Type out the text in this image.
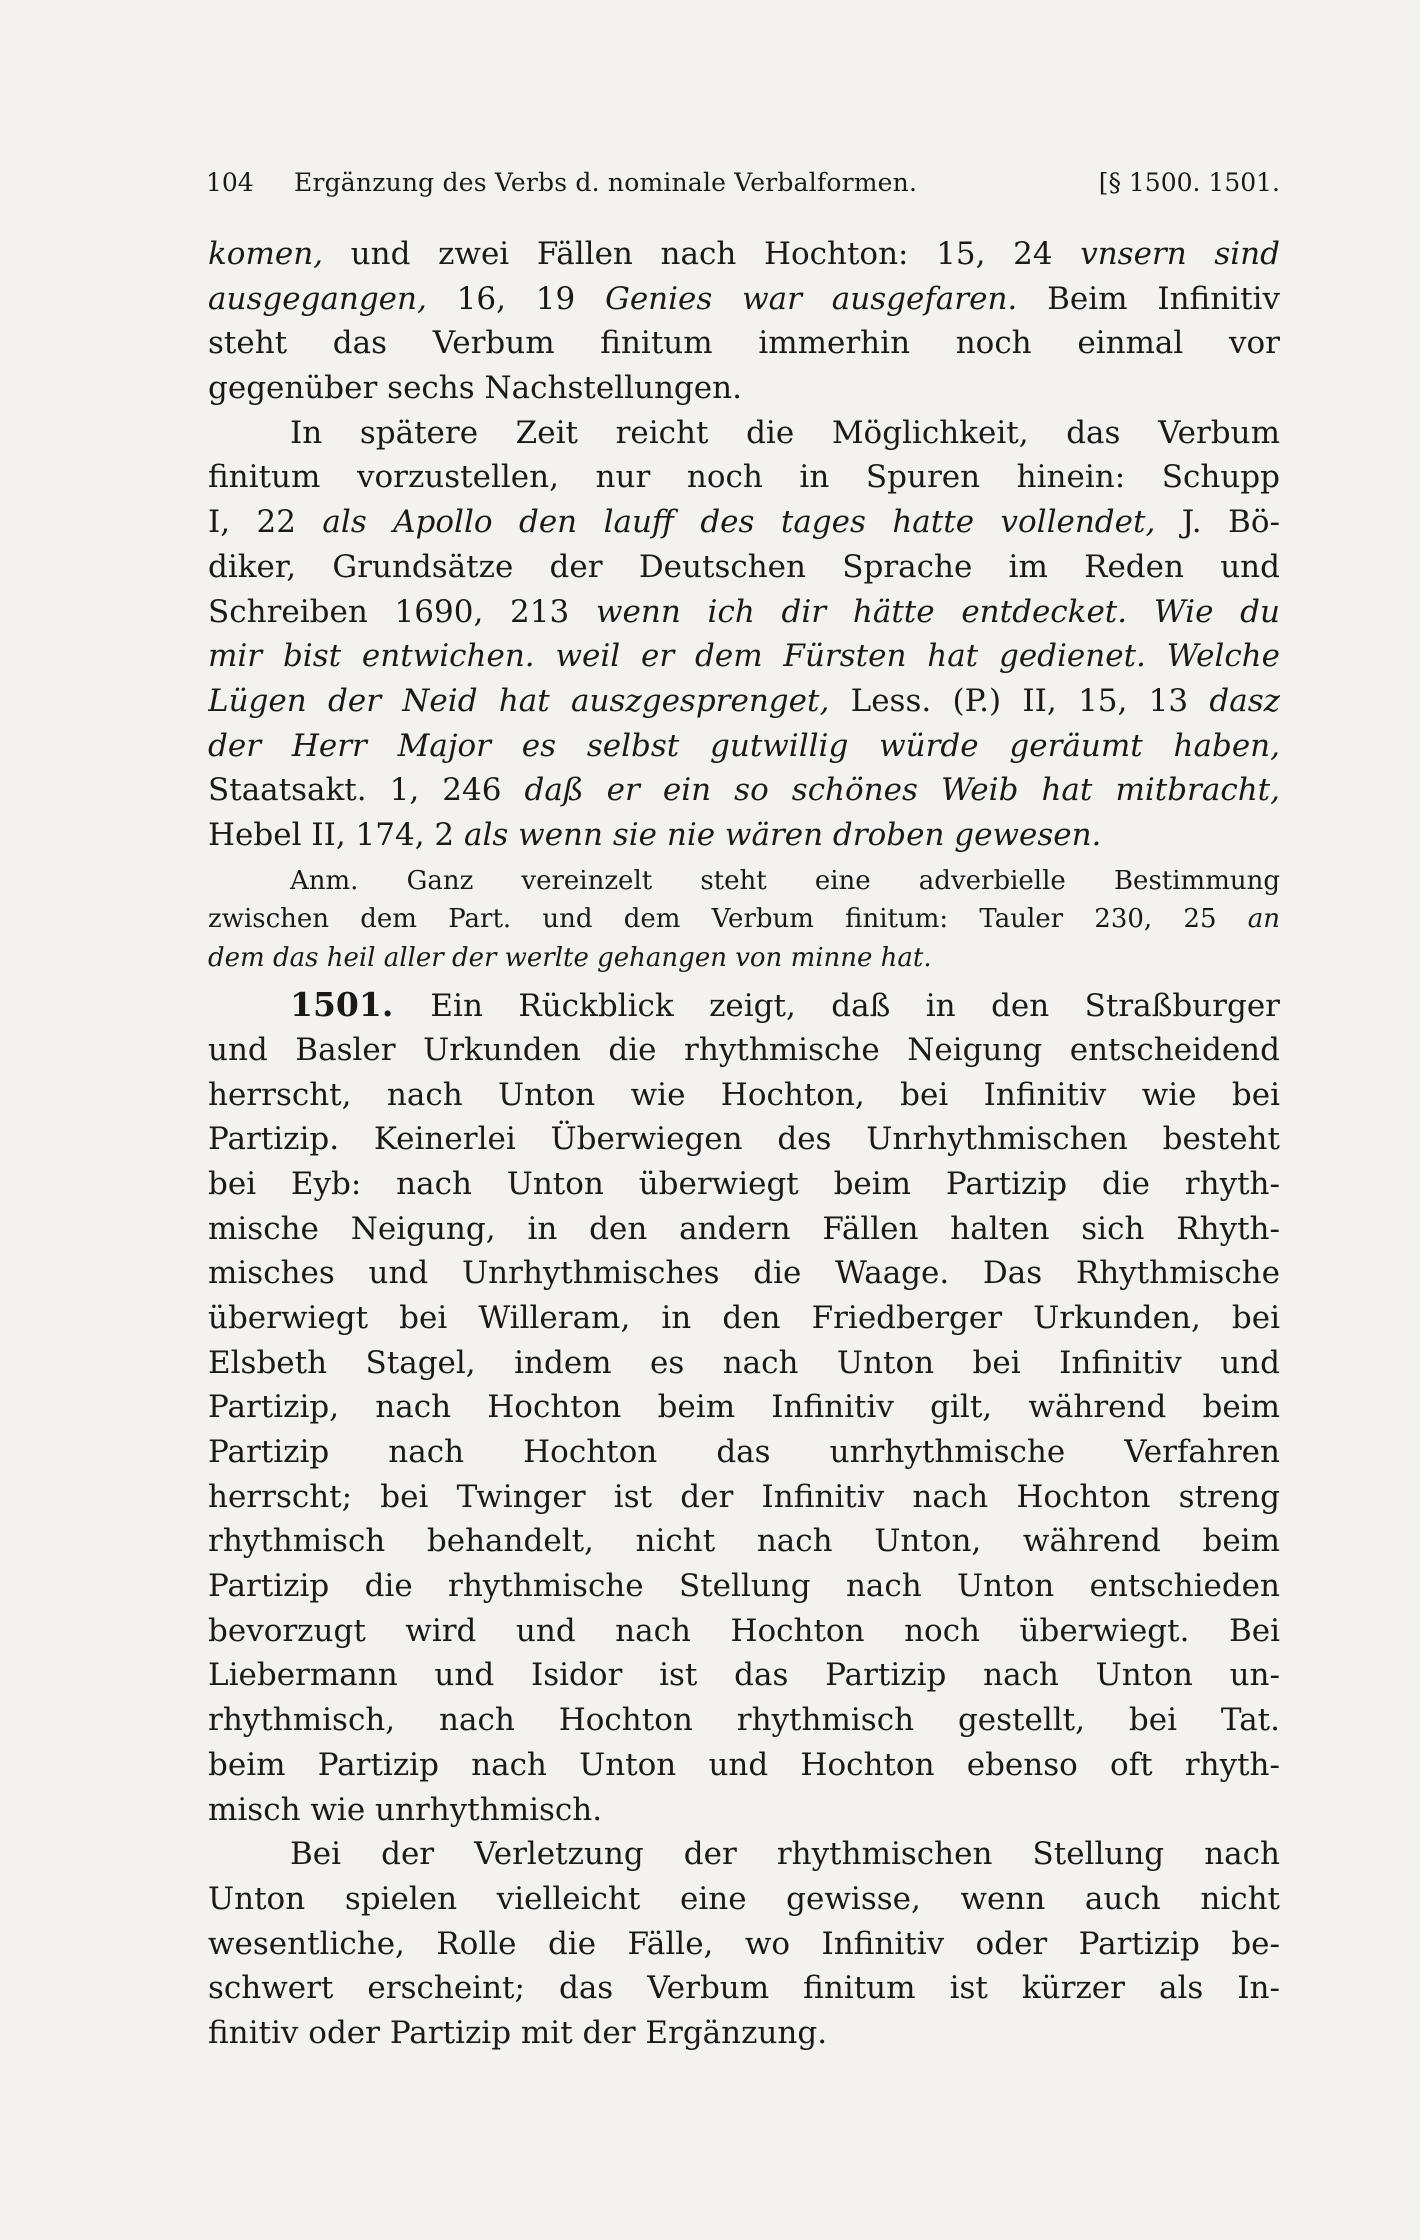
104	Ergänzung des Verbs d. nominale Verbalformen.	[§ 1500. 1501.
komen, und zwei Fällen nach Hochton: 15, 24 vnsern sind
ausgegangen, 16, 19 Genies war ausgefaren. Beim Infinitiv
steht das Verbum finitum immerhin noch einmal vor
gegenüber sechs Nachstellungen.
In spätere Zeit reicht die Möglichkeit, das Verbum
finitum vorzustellen, nur noch in Spuren hinein: Schupp
I, 22 als Apollo den lauff des tages hatte vollendet, J. Bö-
diker, Grundsätze der Deutschen Sprache im Reden und
Schreiben 1690, 213 wenn ich dir hätte entdecket. Wie du
mir bist entwichen. weil er dem Fürsten hat gedienet. Welche
Lügen der Neid hat auszgesprenget, Less. (P.) II, 15, 13 dasz
der Herr Major es selbst gutwillig würde geräumt haben,
Staatsakt. 1, 246 daß er ein so schönes Weib hat mitbracht,
Hebel II, 174, 2 als wenn sie nie wären droben gewesen.
Anm. Ganz vereinzelt steht eine adverbielle Bestimmung
zwischen dem Part. und dem Verbum finitum: Tauler 230, 25 an
dem das heil aller der werlte gehangen von minne hat.
1501. Ein Rückblick zeigt, daß in den Straßburger
und Basler Urkunden die rhythmische Neigung entscheidend
herrscht, nach Unton wie Hochton, bei Infinitiv wie bei
Partizip. Keinerlei Überwiegen des Unrhythmischen besteht
bei Eyb: nach Unton überwiegt beim Partizip die rhyth-
mische Neigung, in den andern Fällen halten sich Rhyth-
misches und Unrhythmisches die Waage. Das Rhythmische
überwiegt bei Willeram, in den Friedberger Urkunden, bei
Elsbeth Stagel, indem es nach Unton bei Infinitiv und
Partizip, nach Hochton beim Infinitiv gilt, während beim
Partizip nach Hochton das unrhythmische Verfahren
herrscht; bei Twinger ist der Infinitiv nach Hochton streng
rhythmisch behandelt, nicht nach Unton, während beim
Partizip die rhythmische Stellung nach Unton entschieden
bevorzugt wird und nach Hochton noch überwiegt. Bei
Liebermann und Isidor ist das Partizip nach Unton un-
rhythmisch, nach Hochton rhythmisch gestellt, bei Tat.
beim Partizip nach Unton und Hochton ebenso oft rhyth-
misch wie unrhythmisch.
Bei der Verletzung der rhythmischen Stellung nach
Unton spielen vielleicht eine gewisse, wenn auch nicht
wesentliche, Rolle die Fälle, wo Infinitiv oder Partizip be-
schwert erscheint; das Verbum finitum ist kürzer als In-
finitiv oder Partizip mit der Ergänzung.
